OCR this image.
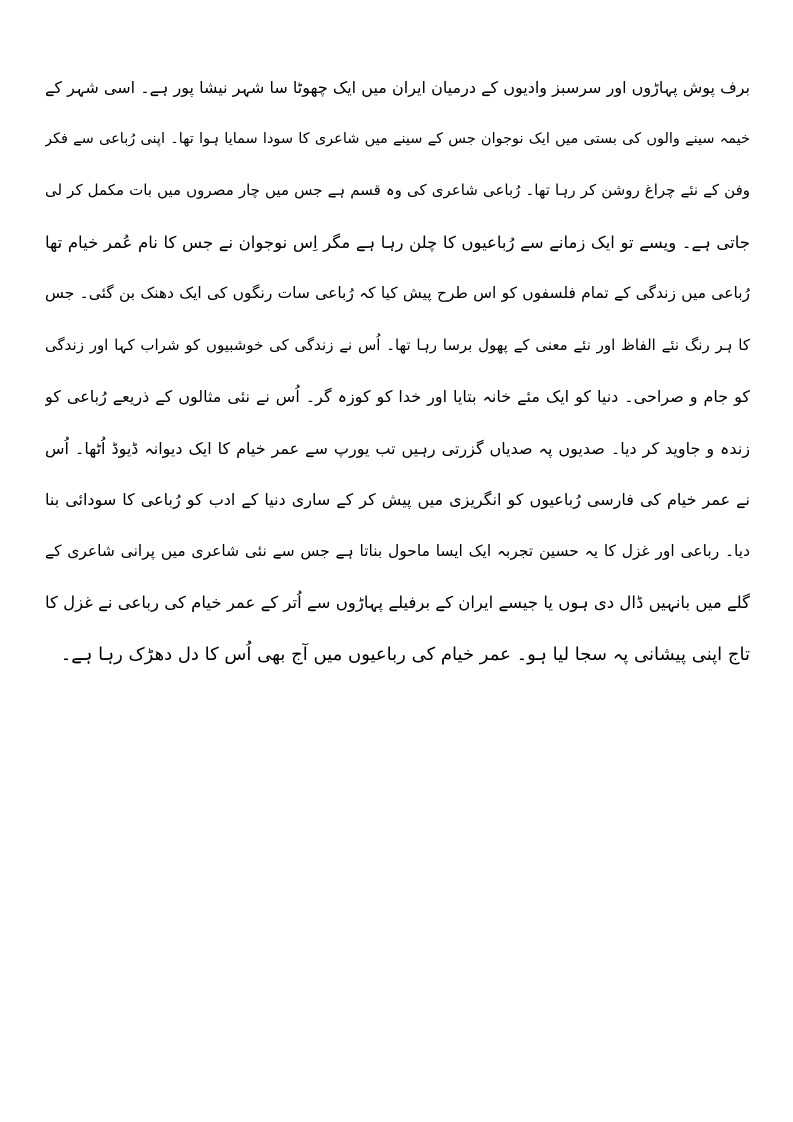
برف پوش پہاڑوں اور سرسبز وادیوں کے درمیان ایران میں ایک چھوٹا سا شہر نیشا پور ہے۔ اسی شہر کے
خیمہ سینے والوں کی بستی میں ایک نوجوان جس کے سینے میں شاعری کا سودا سمایا ہوا تھا۔ اپنی رُباعی سے فکر
وفن کے نئے چراغ روشن کر رہا تھا۔ رُباعی شاعری کی وہ قسم ہے جس میں چار مصروں میں بات مکمل کر لی
جاتی ہے۔ ویسے تو ایک زمانے سے رُباعیوں کا چلن رہا ہے مگر اِس نوجوان نے جس کا نام عُمر خیام تھا
رُباعی میں زندگی کے تمام فلسفوں کو اس طرح پیش کیا کہ رُباعی سات رنگوں کی ایک دھنک بن گئی۔ جس
کا ہر رنگ نئے الفاظ اور نئے معنی کے پھول برسا رہا تھا۔ اُس نے زندگی کی خوشبیوں کو شراب کہا اور زندگی
کو جام و صراحی۔ دنیا کو ایک مئے خانہ بتایا اور خدا کو کوزہ گر۔ اُس نے نئی مثالوں کے ذریعے رُباعی کو
زندہ و جاوید کر دیا۔ صدیوں پہ صدیاں گزرتی رہیں تب یورپ سے عمر خیام کا ایک دیوانہ ڈیوڈ اُٹھا۔ اُس
نے عمر خیام کی فارسی رُباعیوں کو انگریزی میں پیش کر کے ساری دنیا کے ادب کو رُباعی کا سودائی بنا
دیا۔ رباعی اور غزل کا یہ حسین تجربہ ایک ایسا ماحول بناتا ہے جس سے نئی شاعری میں پرانی شاعری کے
گلے میں بانہیں ڈال دی ہوں یا جیسے ایران کے برفیلے پہاڑوں سے اُتر کے عمر خیام کی رباعی نے غزل کا
تاج اپنی پیشانی پہ سجا لیا ہو۔ عمر خیام کی رباعیوں میں آج بھی اُس کا دل دھڑک رہا ہے۔
